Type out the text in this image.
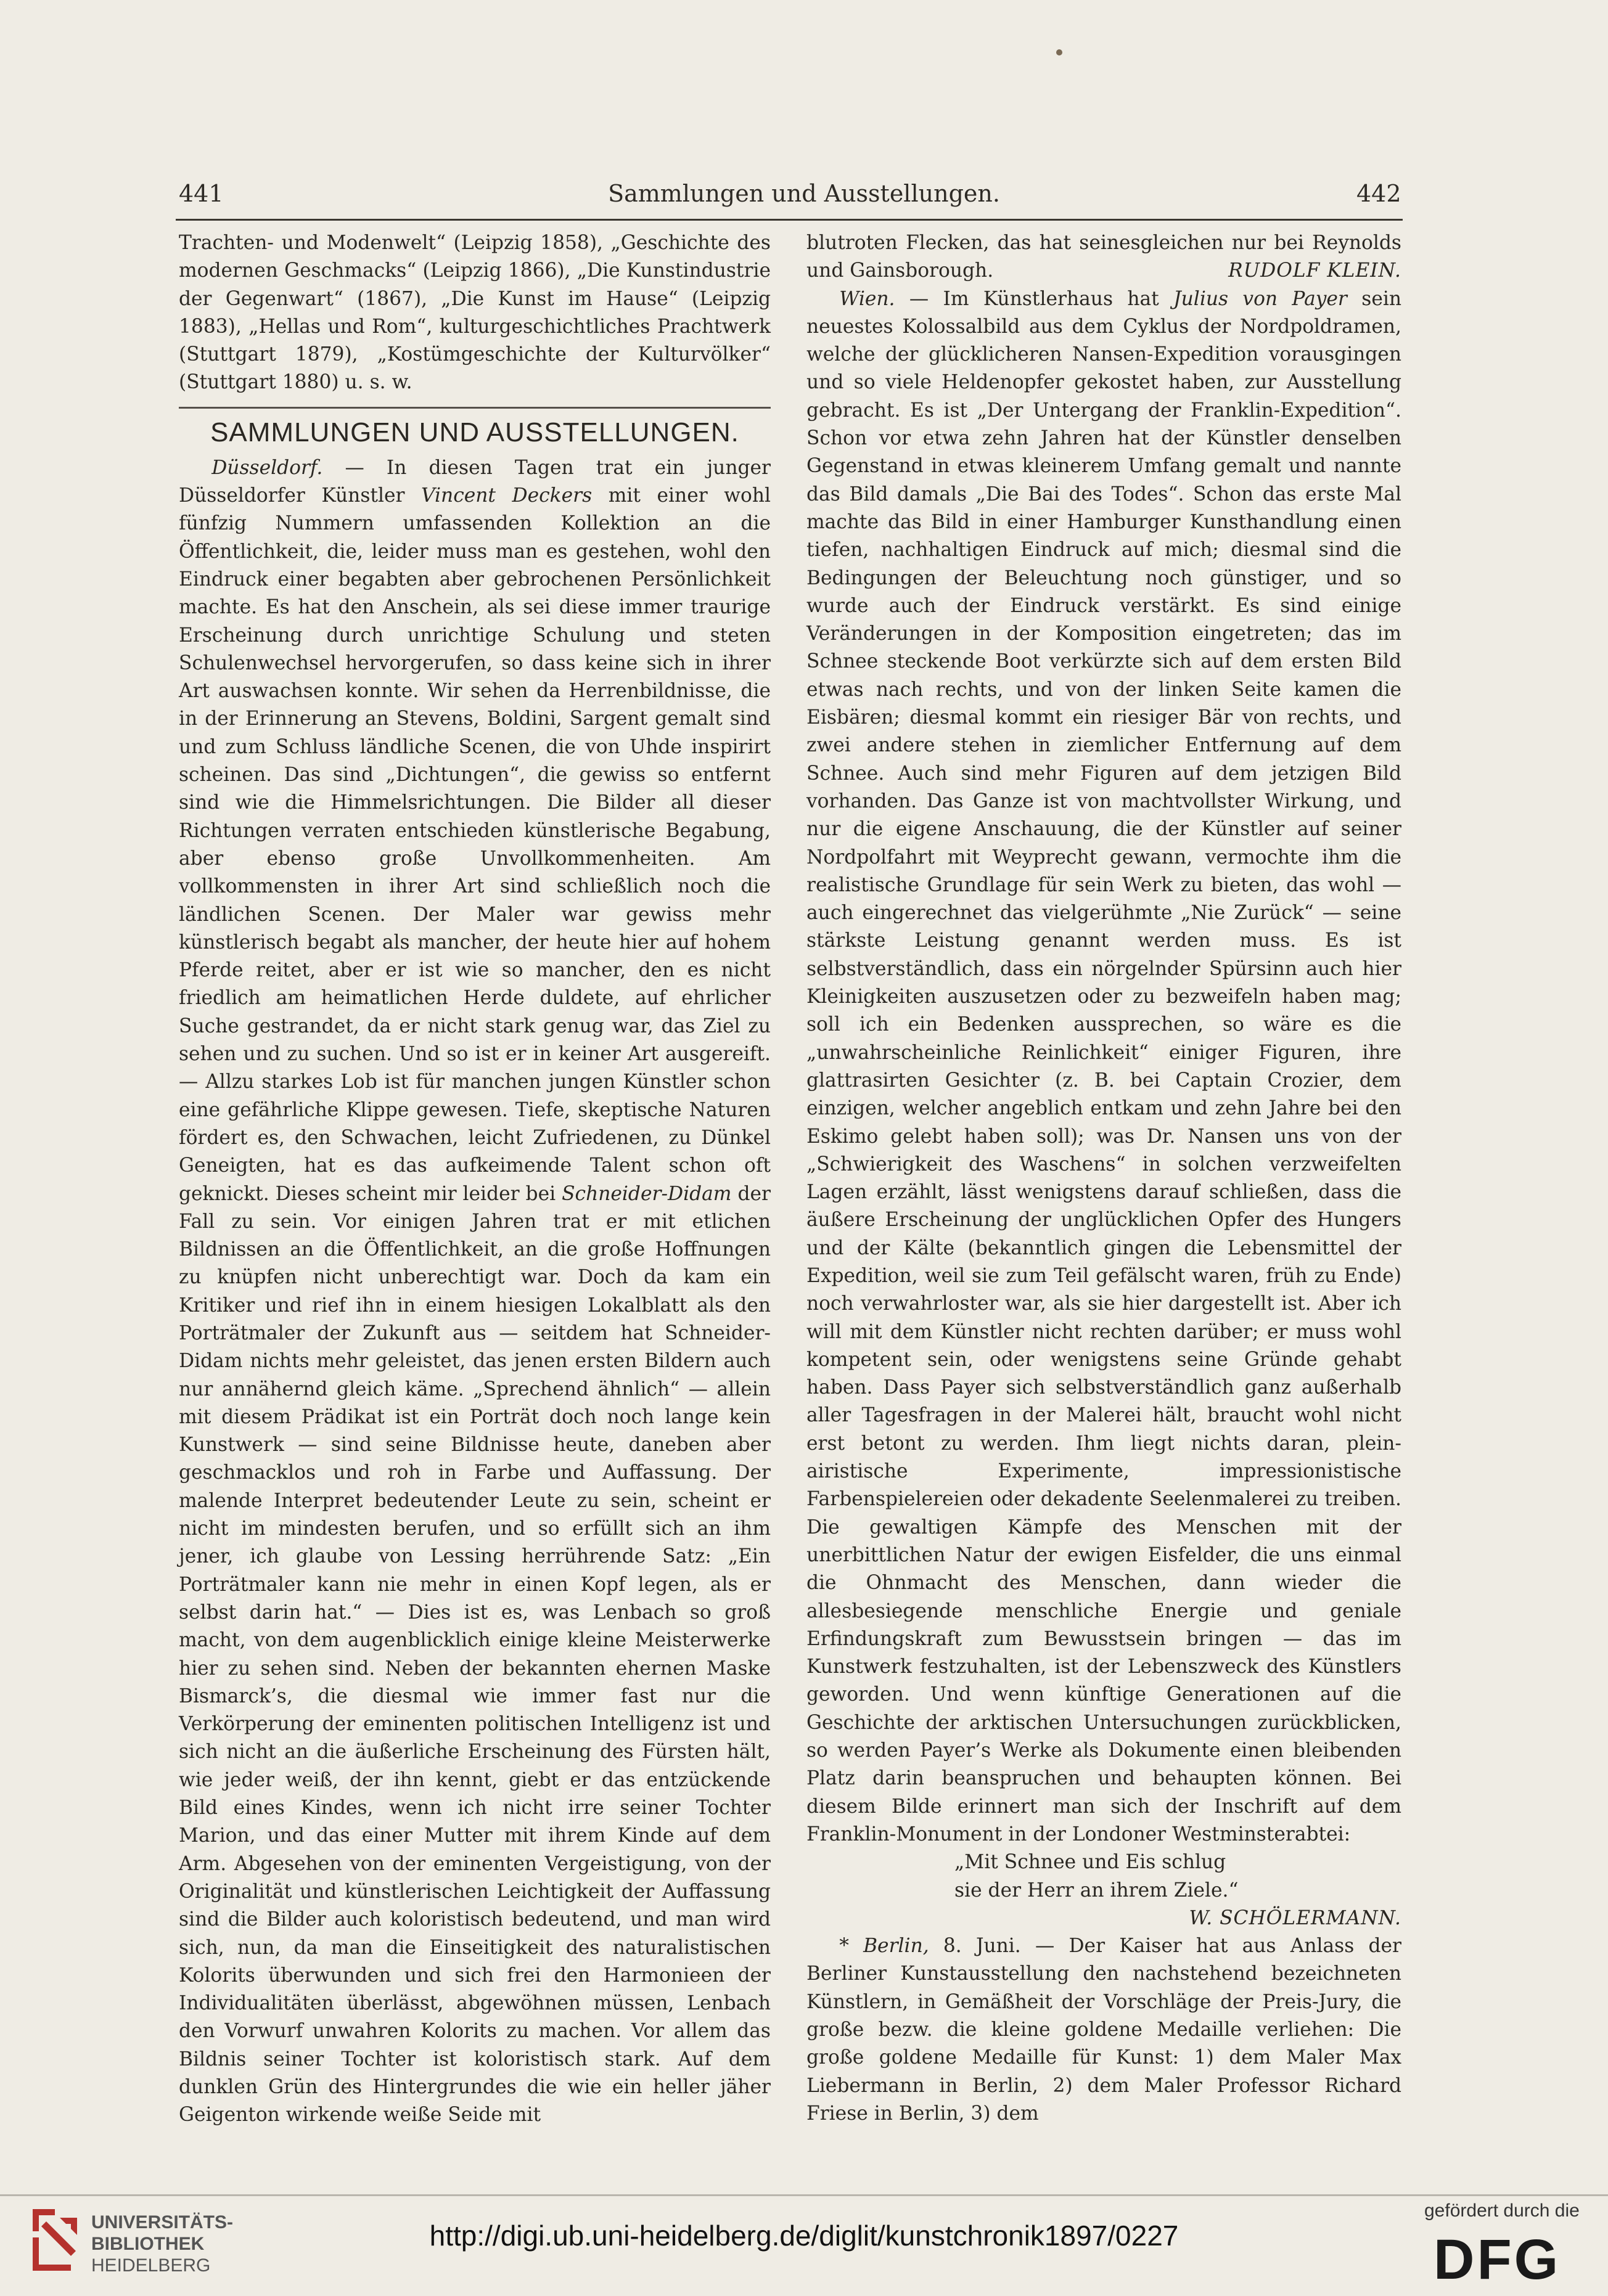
441	Sammlungen und Ausstellungen.	442

Trachten- und Modenwelt“ (Leipzig 1858), „Geschichte des modernen Geschmacks“ (Leipzig 1866), „Die Kunstindustrie der Gegenwart“ (1867), „Die Kunst im Hause“ (Leipzig 1883), „Hellas und Rom“, kulturgeschichtliches Prachtwerk (Stuttgart 1879), „Kostümgeschichte der Kulturvölker“ (Stuttgart 1880) u. s. w.

SAMMLUNGEN UND AUSSTELLUNGEN.

Düsseldorf. — In diesen Tagen trat ein junger Düsseldorfer Künstler Vincent Deckers mit einer wohl fünfzig Nummern umfassenden Kollektion an die Öffentlichkeit, die, leider muss man es gestehen, wohl den Eindruck einer begabten aber gebrochenen Persönlichkeit machte. Es hat den Anschein, als sei diese immer traurige Erscheinung durch unrichtige Schulung und steten Schulenwechsel hervorgerufen, so dass keine sich in ihrer Art auswachsen konnte. Wir sehen da Herrenbildnisse, die in der Erinnerung an Stevens, Boldini, Sargent gemalt sind und zum Schluss ländliche Scenen, die von Uhde inspirirt scheinen. Das sind „Dichtungen“, die gewiss so entfernt sind wie die Himmelsrichtungen. Die Bilder all dieser Richtungen verraten entschieden künstlerische Begabung, aber ebenso große Unvollkommenheiten. Am vollkommensten in ihrer Art sind schließlich noch die ländlichen Scenen. Der Maler war gewiss mehr künstlerisch begabt als mancher, der heute hier auf hohem Pferde reitet, aber er ist wie so mancher, den es nicht friedlich am heimatlichen Herde duldete, auf ehrlicher Suche gestrandet, da er nicht stark genug war, das Ziel zu sehen und zu suchen. Und so ist er in keiner Art ausgereift. — Allzu starkes Lob ist für manchen jungen Künstler schon eine gefährliche Klippe gewesen. Tiefe, skeptische Naturen fördert es, den Schwachen, leicht Zufriedenen, zu Dünkel Geneigten, hat es das aufkeimende Talent schon oft geknickt. Dieses scheint mir leider bei Schneider-Didam der Fall zu sein. Vor einigen Jahren trat er mit etlichen Bildnissen an die Öffentlichkeit, an die große Hoffnungen zu knüpfen nicht unberechtigt war. Doch da kam ein Kritiker und rief ihn in einem hiesigen Lokalblatt als den Porträtmaler der Zukunft aus — seitdem hat Schneider-Didam nichts mehr geleistet, das jenen ersten Bildern auch nur annähernd gleich käme. „Sprechend ähnlich“ — allein mit diesem Prädikat ist ein Porträt doch noch lange kein Kunstwerk — sind seine Bildnisse heute, daneben aber geschmacklos und roh in Farbe und Auffassung. Der malende Interpret bedeutender Leute zu sein, scheint er nicht im mindesten berufen, und so erfüllt sich an ihm jener, ich glaube von Lessing herrührende Satz: „Ein Porträtmaler kann nie mehr in einen Kopf legen, als er selbst darin hat.“ — Dies ist es, was Lenbach so groß macht, von dem augenblicklich einige kleine Meisterwerke hier zu sehen sind. Neben der bekannten ehernen Maske Bismarck’s, die diesmal wie immer fast nur die Verkörperung der eminenten politischen Intelligenz ist und sich nicht an die äußerliche Erscheinung des Fürsten hält, wie jeder weiß, der ihn kennt, giebt er das entzückende Bild eines Kindes, wenn ich nicht irre seiner Tochter Marion, und das einer Mutter mit ihrem Kinde auf dem Arm. Abgesehen von der eminenten Vergeistigung, von der Originalität und künstlerischen Leichtigkeit der Auffassung sind die Bilder auch koloristisch bedeutend, und man wird sich, nun, da man die Einseitigkeit des naturalistischen Kolorits überwunden und sich frei den Harmonieen der Individualitäten überlässt, abgewöhnen müssen, Lenbach den Vorwurf unwahren Kolorits zu machen. Vor allem das Bildnis seiner Tochter ist koloristisch stark. Auf dem dunklen Grün des Hintergrundes die wie ein heller jäher Geigenton wirkende weiße Seide mit

blutroten Flecken, das hat seinesgleichen nur bei Reynolds und Gainsborough.	RUDOLF KLEIN.

Wien. — Im Künstlerhaus hat Julius von Payer sein neuestes Kolossalbild aus dem Cyklus der Nordpoldramen, welche der glücklicheren Nansen-Expedition vorausgingen und so viele Heldenopfer gekostet haben, zur Ausstellung gebracht. Es ist „Der Untergang der Franklin-Expedition“. Schon vor etwa zehn Jahren hat der Künstler denselben Gegenstand in etwas kleinerem Umfang gemalt und nannte das Bild damals „Die Bai des Todes“. Schon das erste Mal machte das Bild in einer Hamburger Kunsthandlung einen tiefen, nachhaltigen Eindruck auf mich; diesmal sind die Bedingungen der Beleuchtung noch günstiger, und so wurde auch der Eindruck verstärkt. Es sind einige Veränderungen in der Komposition eingetreten; das im Schnee steckende Boot verkürzte sich auf dem ersten Bild etwas nach rechts, und von der linken Seite kamen die Eisbären; diesmal kommt ein riesiger Bär von rechts, und zwei andere stehen in ziemlicher Entfernung auf dem Schnee. Auch sind mehr Figuren auf dem jetzigen Bild vorhanden. Das Ganze ist von machtvollster Wirkung, und nur die eigene Anschauung, die der Künstler auf seiner Nordpolfahrt mit Weyprecht gewann, vermochte ihm die realistische Grundlage für sein Werk zu bieten, das wohl — auch eingerechnet das vielgerühmte „Nie Zurück“ — seine stärkste Leistung genannt werden muss. Es ist selbstverständlich, dass ein nörgelnder Spürsinn auch hier Kleinigkeiten auszusetzen oder zu bezweifeln haben mag; soll ich ein Bedenken aussprechen, so wäre es die „unwahrscheinliche Reinlichkeit“ einiger Figuren, ihre glattrasirten Gesichter (z. B. bei Captain Crozier, dem einzigen, welcher angeblich entkam und zehn Jahre bei den Eskimo gelebt haben soll); was Dr. Nansen uns von der „Schwierigkeit des Waschens“ in solchen verzweifelten Lagen erzählt, lässt wenigstens darauf schließen, dass die äußere Erscheinung der unglücklichen Opfer des Hungers und der Kälte (bekanntlich gingen die Lebensmittel der Expedition, weil sie zum Teil gefälscht waren, früh zu Ende) noch verwahrloster war, als sie hier dargestellt ist. Aber ich will mit dem Künstler nicht rechten darüber; er muss wohl kompetent sein, oder wenigstens seine Gründe gehabt haben. Dass Payer sich selbstverständlich ganz außerhalb aller Tagesfragen in der Malerei hält, braucht wohl nicht erst betont zu werden. Ihm liegt nichts daran, plein-airistische Experimente, impressionistische Farbenspielereien oder dekadente Seelenmalerei zu treiben. Die gewaltigen Kämpfe des Menschen mit der unerbittlichen Natur der ewigen Eisfelder, die uns einmal die Ohnmacht des Menschen, dann wieder die allesbesiegende menschliche Energie und geniale Erfindungskraft zum Bewusstsein bringen — das im Kunstwerk festzuhalten, ist der Lebenszweck des Künstlers geworden. Und wenn künftige Generationen auf die Geschichte der arktischen Untersuchungen zurückblicken, so werden Payer’s Werke als Dokumente einen bleibenden Platz darin beanspruchen und behaupten können. Bei diesem Bilde erinnert man sich der Inschrift auf dem Franklin-Monument in der Londoner Westminsterabtei:

„Mit Schnee und Eis schlug

sie der Herr an ihrem Ziele.“

W. SCHÖLERMANN.

* Berlin, 8. Juni. — Der Kaiser hat aus Anlass der Berliner Kunstausstellung den nachstehend bezeichneten Künstlern, in Gemäßheit der Vorschläge der Preis-Jury, die große bezw. die kleine goldene Medaille verliehen: Die große goldene Medaille für Kunst: 1) dem Maler Max Liebermann in Berlin, 2) dem Maler Professor Richard Friese in Berlin, 3) dem

UNIVERSITÄTS-
BIBLIOTHEK
HEIDELBERG
http://digi.ub.uni-heidelberg.de/diglit/kunstchronik1897/0227
gefördert durch die
DFG
